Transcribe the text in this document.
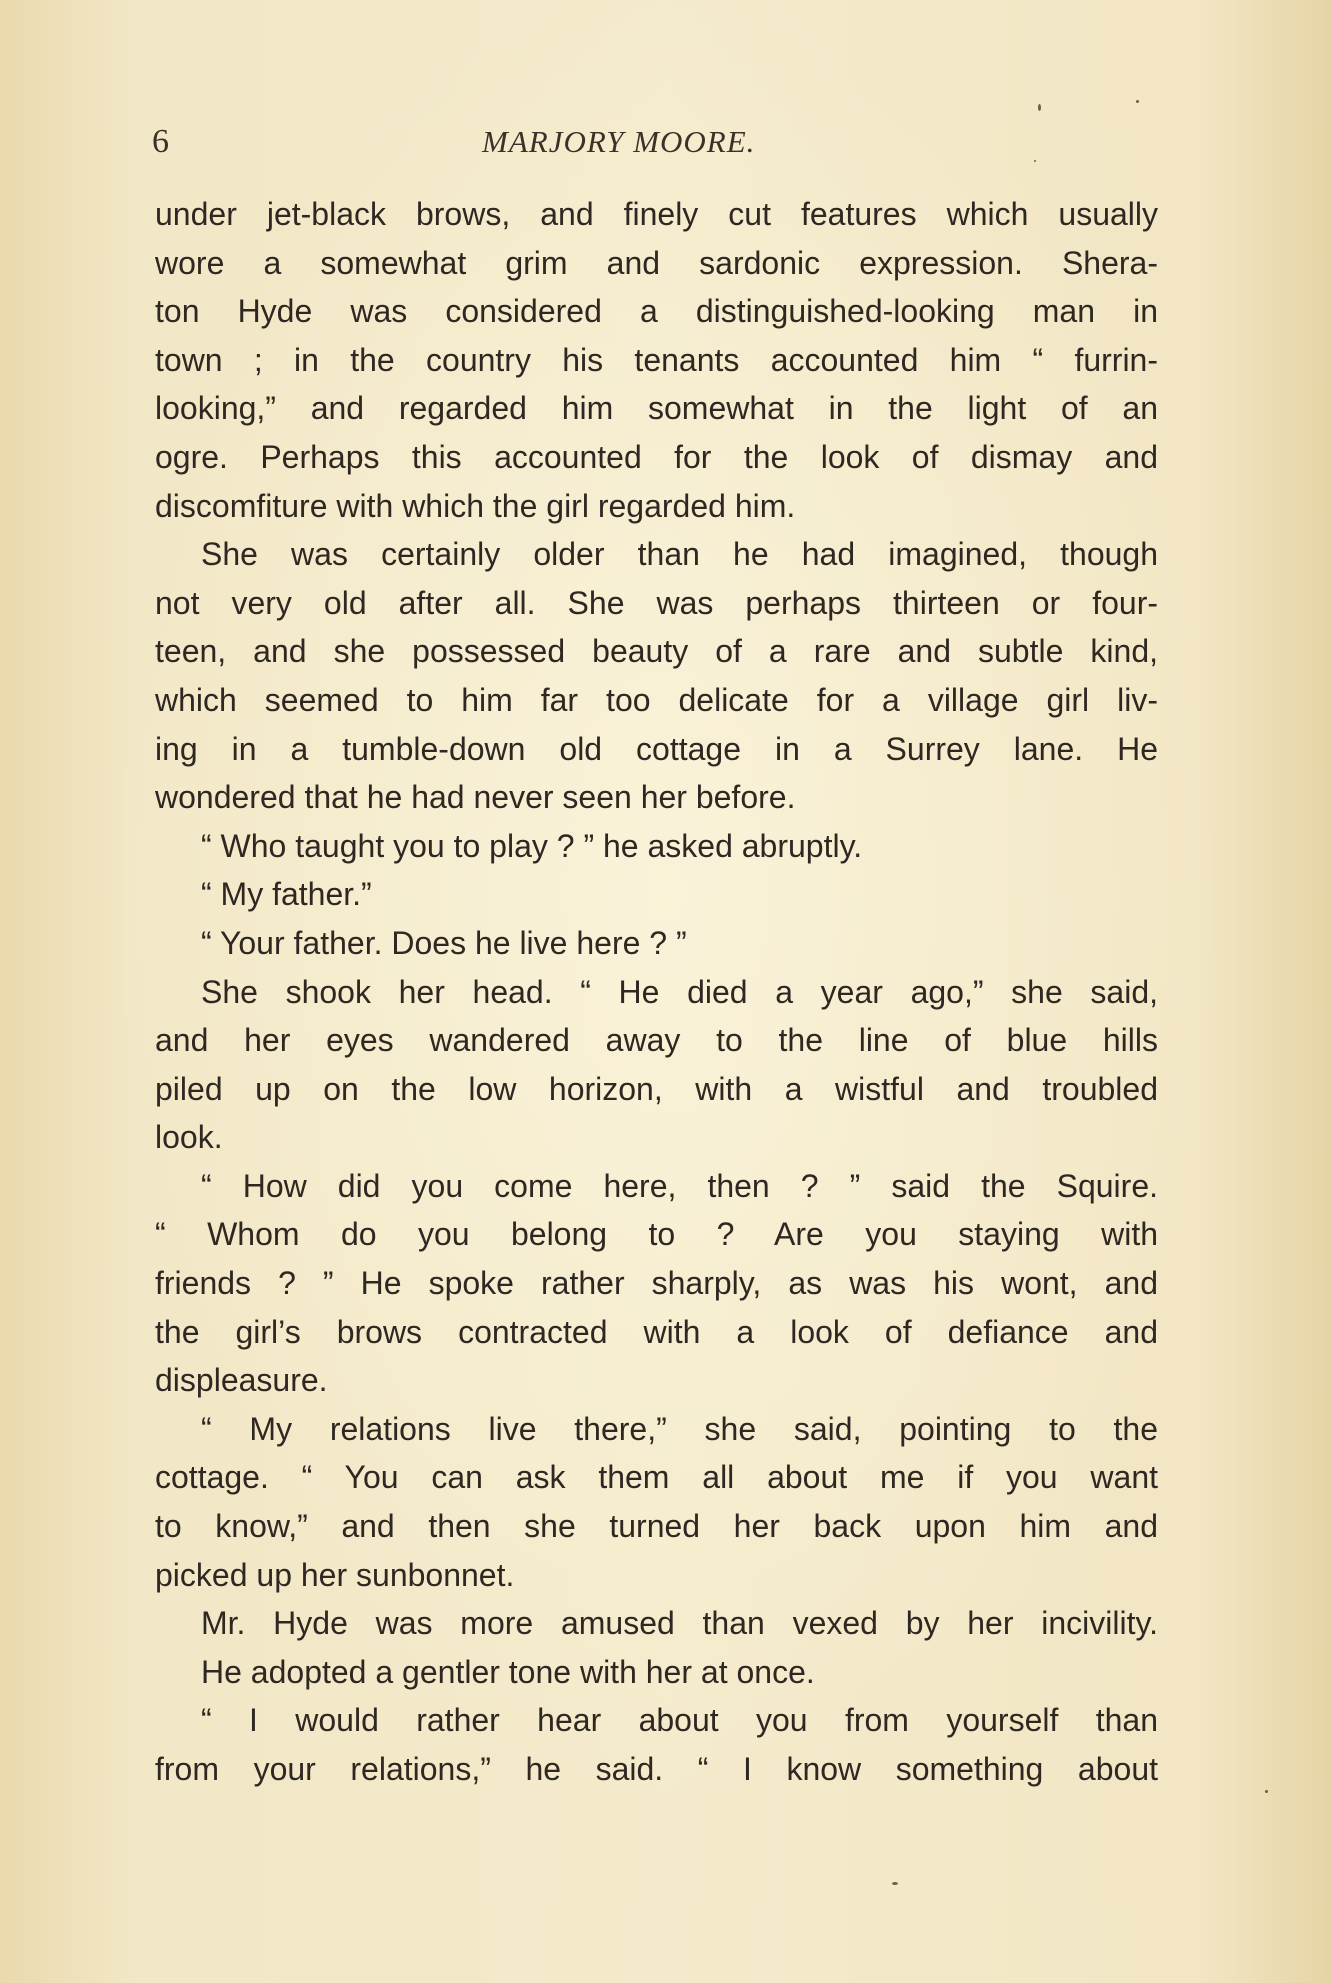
6	MARJORY MOORE.
under jet-black brows, and finely cut features which usually
wore a somewhat grim and sardonic expression. Shera-
ton Hyde was considered a distinguished-looking man in
town ; in the country his tenants accounted him “ furrin-
looking,” and regarded him somewhat in the light of an
ogre. Perhaps this accounted for the look of dismay and
discomfiture with which the girl regarded him.
She was certainly older than he had imagined, though
not very old after all. She was perhaps thirteen or four-
teen, and she possessed beauty of a rare and subtle kind,
which seemed to him far too delicate for a village girl liv-
ing in a tumble-down old cottage in a Surrey lane. He
wondered that he had never seen her before.
“ Who taught you to play ? ” he asked abruptly.
“ My father.”
“ Your father. Does he live here ? ”
She shook her head. “ He died a year ago,” she said,
and her eyes wandered away to the line of blue hills
piled up on the low horizon, with a wistful and troubled
look.
“ How did you come here, then ? ” said the Squire.
“ Whom do you belong to ? Are you staying with
friends ? ” He spoke rather sharply, as was his wont, and
the girl’s brows contracted with a look of defiance and
displeasure.
“ My relations live there,” she said, pointing to the
cottage. “ You can ask them all about me if you want
to know,” and then she turned her back upon him and
picked up her sunbonnet.
Mr. Hyde was more amused than vexed by her incivility.
He adopted a gentler tone with her at once.
“ I would rather hear about you from yourself than
from your relations,” he said. “ I know something about
